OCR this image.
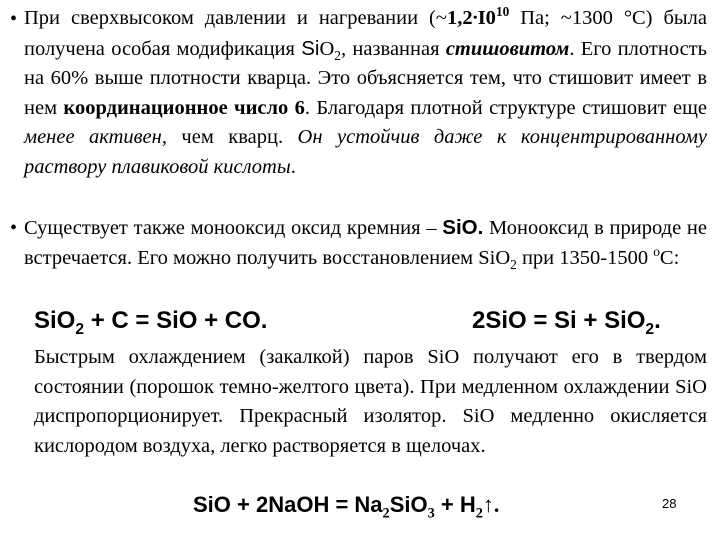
• При сверхвысоком давлении и нагревании ($\sim 1,2\cdot I0^{10}$ Па; ~1300 °С) была получена особая модификация SiO$_2$, названная стишовитом. Его плотность на 60% выше плотности кварца. Это объясняется тем, что стишовит имеет в нем координационное число 6. Благодаря плотной структуре стишовит еще менее активен, чем кварц. Он устойчив даже к концентрированному раствору плавиковой кислоты.
• Существует также монооксид оксид кремния – SiO. Монооксид в природе не встречается. Его можно получить восстановлением SiO$_2$ при 1350-1500 $^о$С:
SiO$_2$ + C = SiO + CO.	2SiO = Si + SiO$_2$.
Быстрым охлаждением (закалкой) паров SiO получают его в твердом состоянии (порошок темно-желтого цвета). При медленном охлаждении SiO диспропорционирует. Прекрасный изолятор. SiO медленно окисляется кислородом воздуха, легко растворяется в щелочах.
SiO + 2NaOH = $Na_2SiO_3$ + $H_2↑$.	28
